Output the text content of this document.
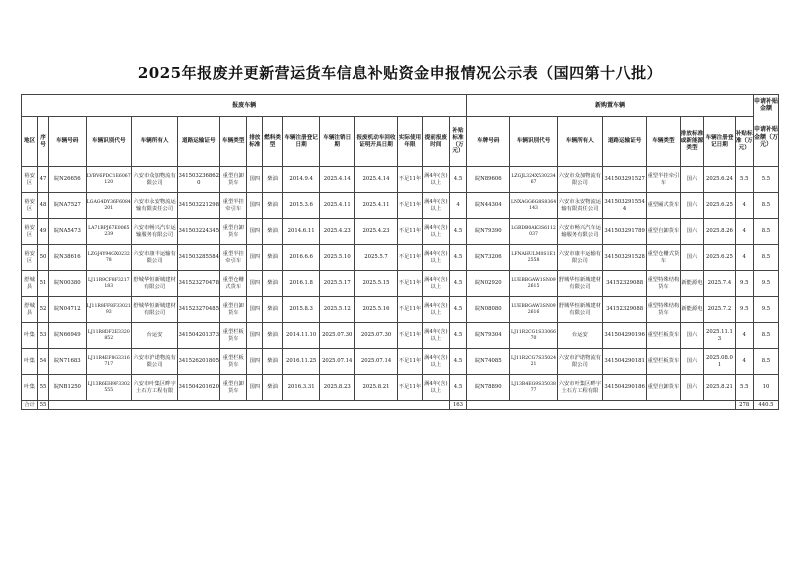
2025年报废并更新营运货车信息补贴资金申报情况公示表（国四第十八批）
报废车辆															新购置车辆								申请补贴金额
申请补贴金额（万元）

地区	序号	车辆号码	车辆识别代号	车辆所有人	道路运输证号	车辆类型	排放标准	燃料类型	车辆注册登记日期	车辆注销日期	报废机动车回收证明开具日期	实际使用年限	提前报废时间	补贴标准（万元）	车牌号码	车辆识别代号	车辆所有人	道路运输证号	车辆类型	排放标准或新能源类型	车辆注册登记日期	补贴标准（万元）	
裕安区	47	皖N26656	LVBV6PDC1E6067120	六安市众加物流有限公司	3415032368620	重型自卸货车	国四	柴油	2014.9.4	2025.4.14	2025.4.14	不足11年	满4年(含)以上	4.5	皖N89606	LZGJL324X53023467	六安市众加物流有限公司	341503291527	重型半挂牵引车	国六	2025.6.24	5.5	5.5
裕安区	48	皖NA7527	LGAG4DY36F6084201	六安市永安物流运输有限责任公司	341503221298	重型半挂牵引车	国四	柴油	2015.3.6	2025.4.11	2025.4.11	不足11年	满4年(含)以上	4	皖N44304	LNXAGG6G8S8364143	六安市永安物流运输有限责任公司	3415032915544	重型厢式货车	国六	2025.6.25	4	8.5
裕安区	49	皖NA5473	LA71BPJ67E0065239	六安市畅兴汽车运输服务有限公司	341503224345	重型自卸货车	国四	柴油	2014.6.11	2025.4.23	2025.4.23	不足11年	满4年(含)以上	4.5	皖N79390	LGBDB0AK3S6112037	六安市畅兴汽车运输服务有限公司	341503291789	重型自卸货车	国六	2025.8.26	4	8.5
裕安区	50	皖N38616	LZGJ4Y94GX023278	六安市康丰运输有限公司	341503285584	重型半挂牵引车	国四	柴油	2016.6.6	2025.5.10	2025.5.7	不足11年	满4年(含)以上	4.5	皖N73206	LFNAHULM0S1E12558	六安市康丰运输有限公司	341503291528	重型仓栅式货车	国六	2025.6.25	4	8.5
舒城县	51	皖N00380	LJ11R9CF8F3217183	舒城华恒新城建材有限公司	341523270478	重型仓栅式货车	国四	柴油	2016.1.8	2025.5.17	2025.5.15	不足11年	满4年(含)以上	4.5	皖N02920	LUEBBGAW1SN092615	舒城华恒新城建材有限公司	34152329088	重型特殊结构货车	新能源电	2025.7.4	9.5	9.5
舒城县	52	皖N04712	LJ11R8FF8F3302193	舒城华恒新城建材有限公司	341523270485	重型自卸货车	国四	柴油	2015.8.3	2025.5.12	2025.5.16	不足11年	满4年(含)以上	4.5	皖N08080	LUEBBGAW3SN092616	舒城华恒新城建材有限公司	34152329088	重型特殊结构货车	新能源电	2025.7.2	9.5	9.5
叶集	53	皖N66949	LJ11R8DF2E3320852	台运安	341504201373	重型栏板货车	国四	柴油	2014.11.10	2025.07.30	2025.07.30	不足11年	满4年(含)以上	4.5	皖N79304	LJ11R2CG1S3306670	台运安	341504290196	重型栏板货车	国六	2025.11.13	4	8.5
叶集	54	皖N71683	LJ11R4EF8G3316717	六安市沪诺物流有限公司	341526201805	重型栏板货车	国四	柴油	2016.11.25	2025.07.14	2025.07.14	不足11年	满4年(含)以上	4.5	皖N74085	LJ11R2CG7S3502421	六安市沪诺物流有限公司	341504290181	重型栏板货车	国六	2025.08.01	4	8.5
叶集	55	皖NB1250	LJ13R6EH9F3302555	六安市叶集区畔宇土石方工程有限	341504201620	重型自卸货车	国四	柴油	2016.3.31	2025.8.23	2025.8.21	不足11年	满4年(含)以上	4.5	皖N78890	LJ13R4EG9S3503877	六安市叶集区畔宇土石方工程有限	341504290186	重型自卸货车	国六	2025.8.21	5.5	10
合计	55													163								278	440.5
